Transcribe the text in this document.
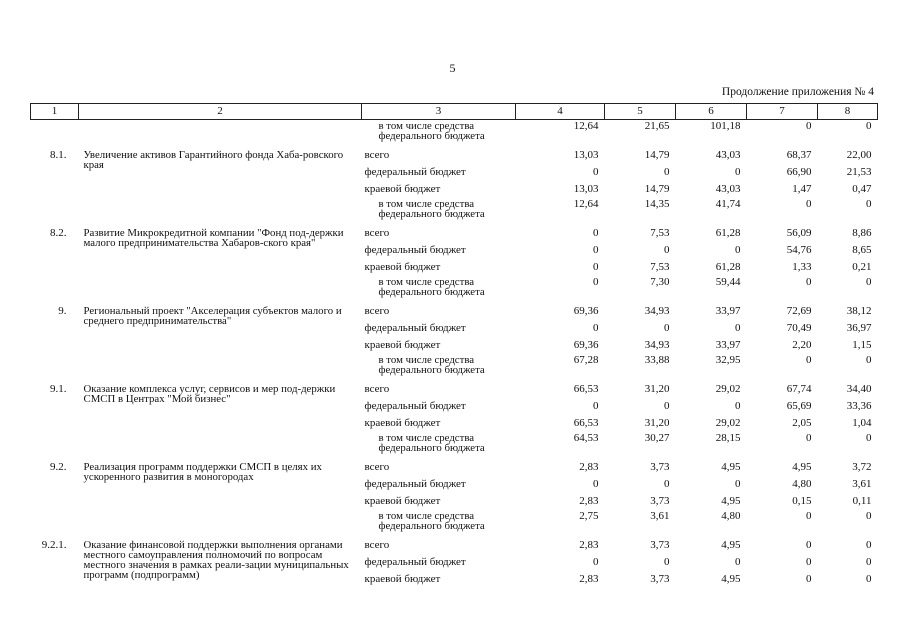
5
Продолжение приложения № 4
1	2	3	4	5	6	7	8
		в том числе средства федерального бюджета	12,64	21,65	101,18	0	0
8.1.	Увеличение активов Гарантийного фонда Хаба-ровского края	всего	13,03	14,79	43,03	68,37	22,00
		федеральный бюджет	0	0	0	66,90	21,53
		краевой бюджет	13,03	14,79	43,03	1,47	0,47
		в том числе средства федерального бюджета	12,64	14,35	41,74	0	0
8.2.	Развитие Микрокредитной компании "Фонд под-держки малого предпринимательства Хабаров-ского края"	всего	0	7,53	61,28	56,09	8,86
		федеральный бюджет	0	0	0	54,76	8,65
		краевой бюджет	0	7,53	61,28	1,33	0,21
		в том числе средства федерального бюджета	0	7,30	59,44	0	0
9.	Региональный проект "Акселерация субъектов малого и среднего предпринимательства"	всего	69,36	34,93	33,97	72,69	38,12
		федеральный бюджет	0	0	0	70,49	36,97
		краевой бюджет	69,36	34,93	33,97	2,20	1,15
		в том числе средства федерального бюджета	67,28	33,88	32,95	0	0
9.1.	Оказание комплекса услуг, сервисов и мер под-держки СМСП в Центрах "Мой бизнес"	всего	66,53	31,20	29,02	67,74	34,40
		федеральный бюджет	0	0	0	65,69	33,36
		краевой бюджет	66,53	31,20	29,02	2,05	1,04
		в том числе средства федерального бюджета	64,53	30,27	28,15	0	0
9.2.	Реализация программ поддержки СМСП в целях их ускоренного развития в моногородах	всего	2,83	3,73	4,95	4,95	3,72
		федеральный бюджет	0	0	0	4,80	3,61
		краевой бюджет	2,83	3,73	4,95	0,15	0,11
		в том числе средства федерального бюджета	2,75	3,61	4,80	0	0
9.2.1.	Оказание финансовой поддержки выполнения органами местного самоуправления полномочий по вопросам местного значения в рамках реали-зации муниципальных программ (подпрограмм)	всего	2,83	3,73	4,95	0	0
		федеральный бюджет	0	0	0	0	0
		краевой бюджет	2,83	3,73	4,95	0	0
